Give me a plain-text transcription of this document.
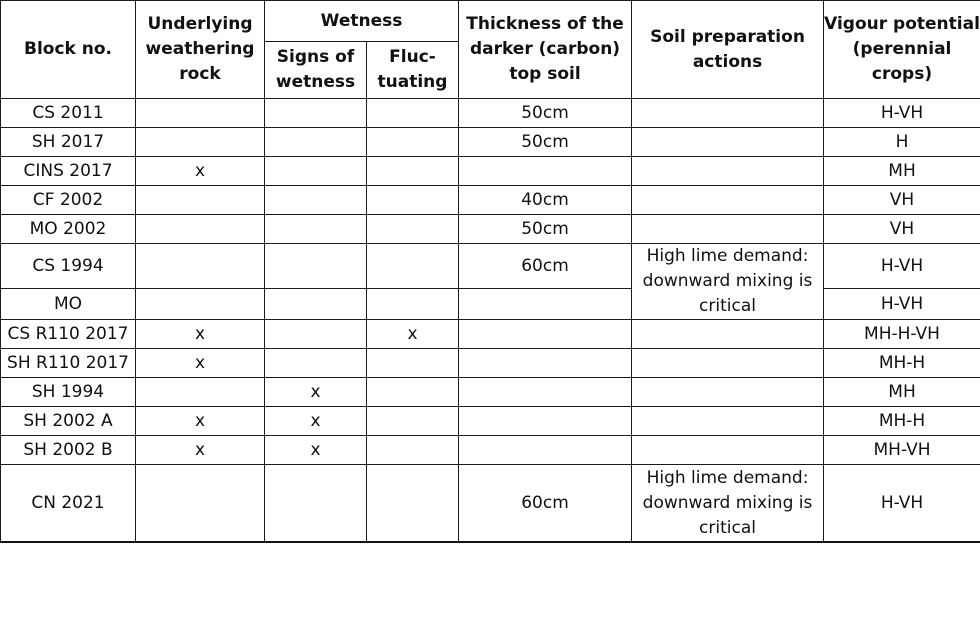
Block no.	Underlying weathering rock	Wetness		Thickness of the darker (carbon) top soil	Soil preparation actions	Vigour potential (perennial crops)
		Signs of wetness	Fluc-tuating			
CS 2011				50cm		H-VH
SH 2017				50cm		H
CINS 2017	x					MH
CF 2002				40cm		VH
MO 2002				50cm		VH
CS 1994				60cm	High lime demand: downward mixing is critical	H-VH
MO						H-VH
CS R110 2017	x		x			MH-H-VH
SH R110 2017	x					MH-H
SH 1994		x				MH
SH 2002 A	x	x				MH-H
SH 2002 B	x	x				MH-VH
CN 2021				60cm	High lime demand: downward mixing is critical	H-VH
